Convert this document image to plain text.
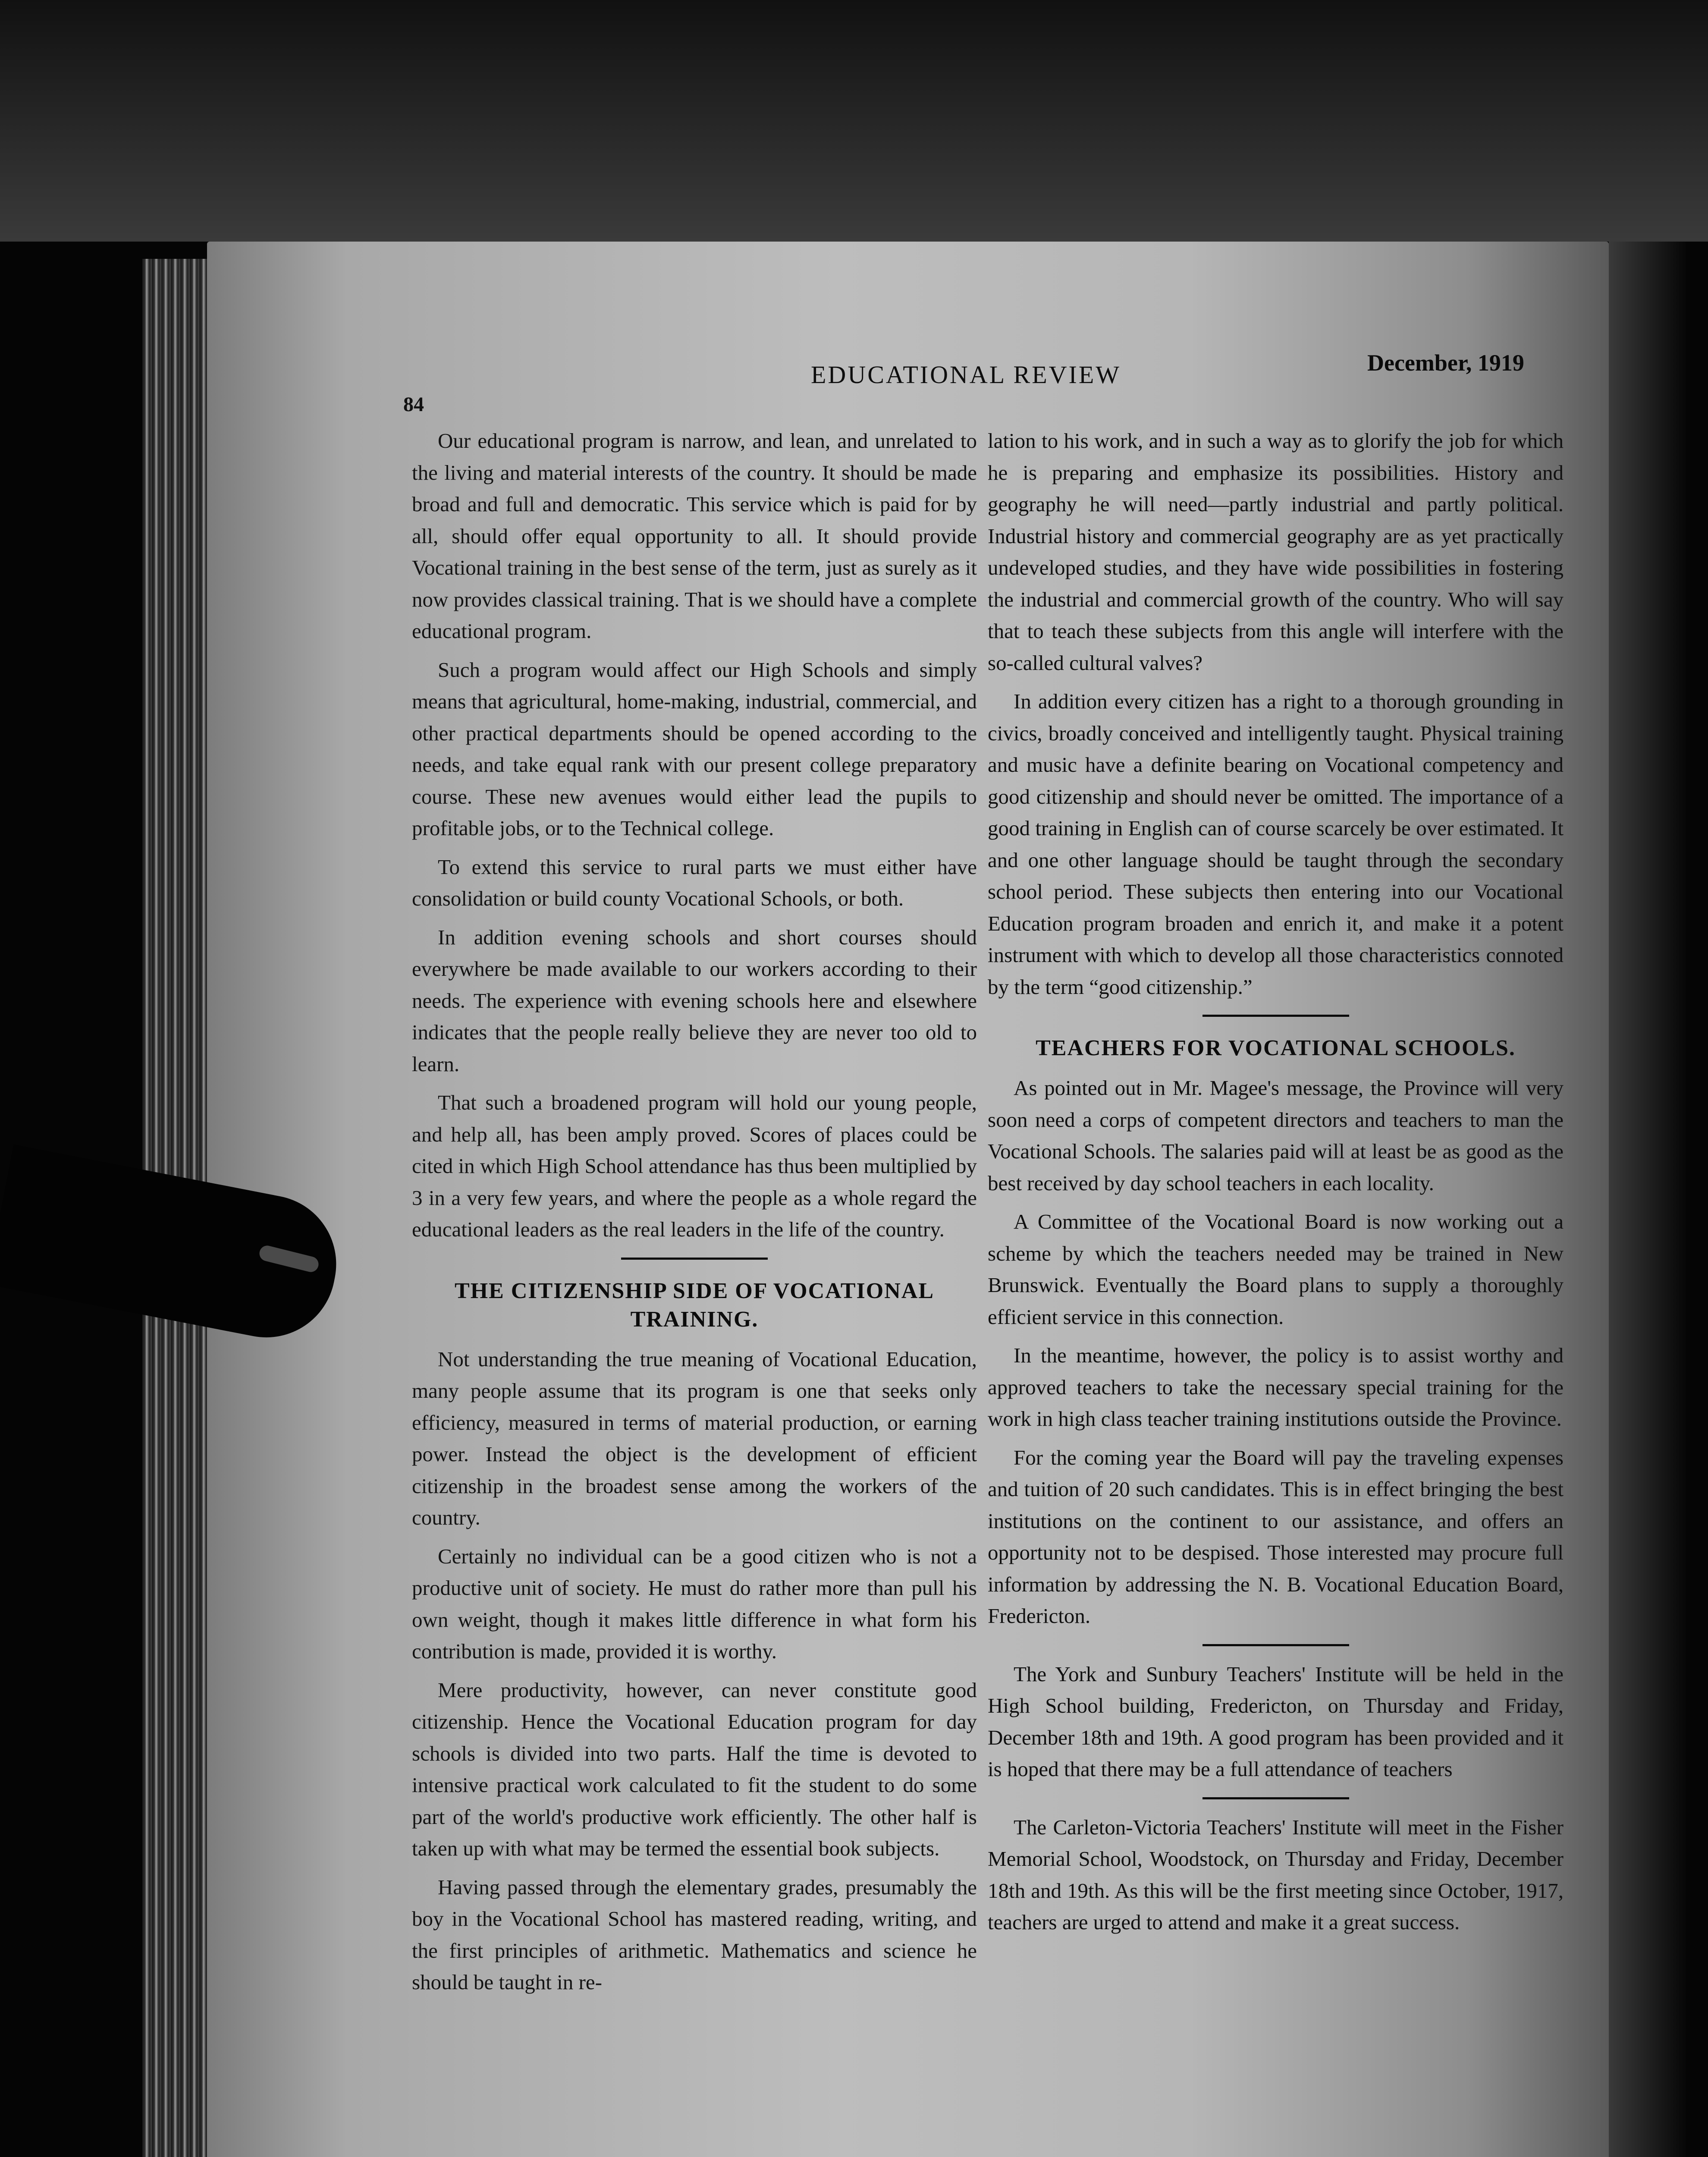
84
EDUCATIONAL REVIEW	December, 1919

Our educational program is narrow, and lean, and unrelated to the living and material interests of the country. It should be made broad and full and democratic. This service which is paid for by all, should offer equal opportunity to all. It should provide Vocational training in the best sense of the term, just as surely as it now provides classical training. That is we should have a complete educational program.

Such a program would affect our High Schools and simply means that agricultural, home-making, industrial, commercial, and other practical departments should be opened according to the needs, and take equal rank with our present college preparatory course. These new avenues would either lead the pupils to profitable jobs, or to the Technical college.

To extend this service to rural parts we must either have consolidation or build county Vocational Schools, or both.

In addition evening schools and short courses should everywhere be made available to our workers according to their needs. The experience with evening schools here and elsewhere indicates that the people really believe they are never too old to learn.

That such a broadened program will hold our young people, and help all, has been amply proved. Scores of places could be cited in which High School attendance has thus been multiplied by 3 in a very few years, and where the people as a whole regard the educational leaders as the real leaders in the life of the country.

THE CITIZENSHIP SIDE OF VOCATIONAL TRAINING.

Not understanding the true meaning of Vocational Education, many people assume that its program is one that seeks only efficiency, measured in terms of material production, or earning power. Instead the object is the development of efficient citizenship in the broadest sense among the workers of the country.

Certainly no individual can be a good citizen who is not a productive unit of society. He must do rather more than pull his own weight, though it makes little difference in what form his contribution is made, provided it is worthy.

Mere productivity, however, can never constitute good citizenship. Hence the Vocational Education program for day schools is divided into two parts. Half the time is devoted to intensive practical work calculated to fit the student to do some part of the world's productive work efficiently. The other half is taken up with what may be termed the essential book subjects.

Having passed through the elementary grades, presumably the boy in the Vocational School has mastered reading, writing, and the first principles of arithmetic. Mathematics and science he should be taught in re-

lation to his work, and in such a way as to glorify the job for which he is preparing and emphasize its possibilities. History and geography he will need—partly industrial and partly political. Industrial history and commercial geography are as yet practically undeveloped studies, and they have wide possibilities in fostering the industrial and commercial growth of the country. Who will say that to teach these subjects from this angle will interfere with the so-called cultural valves?

In addition every citizen has a right to a thorough grounding in civics, broadly conceived and intelligently taught. Physical training and music have a definite bearing on Vocational competency and good citizenship and should never be omitted. The importance of a good training in English can of course scarcely be over estimated. It and one other language should be taught through the secondary school period. These subjects then entering into our Vocational Education program broaden and enrich it, and make it a potent instrument with which to develop all those characteristics connoted by the term “good citizenship.”

TEACHERS FOR VOCATIONAL SCHOOLS.

As pointed out in Mr. Magee's message, the Province will very soon need a corps of competent directors and teachers to man the Vocational Schools. The salaries paid will at least be as good as the best received by day school teachers in each locality.

A Committee of the Vocational Board is now working out a scheme by which the teachers needed may be trained in New Brunswick. Eventually the Board plans to supply a thoroughly efficient service in this connection.

In the meantime, however, the policy is to assist worthy and approved teachers to take the necessary special training for the work in high class teacher training institutions outside the Province.

For the coming year the Board will pay the traveling expenses and tuition of 20 such candidates. This is in effect bringing the best institutions on the continent to our assistance, and offers an opportunity not to be despised. Those interested may procure full information by addressing the N. B. Vocational Education Board, Fredericton.

The York and Sunbury Teachers' Institute will be held in the High School building, Fredericton, on Thursday and Friday, December 18th and 19th. A good program has been provided and it is hoped that there may be a full attendance of teachers

The Carleton-Victoria Teachers' Institute will meet in the Fisher Memorial School, Woodstock, on Thursday and Friday, December 18th and 19th. As this will be the first meeting since October, 1917, teachers are urged to attend and make it a great success.
